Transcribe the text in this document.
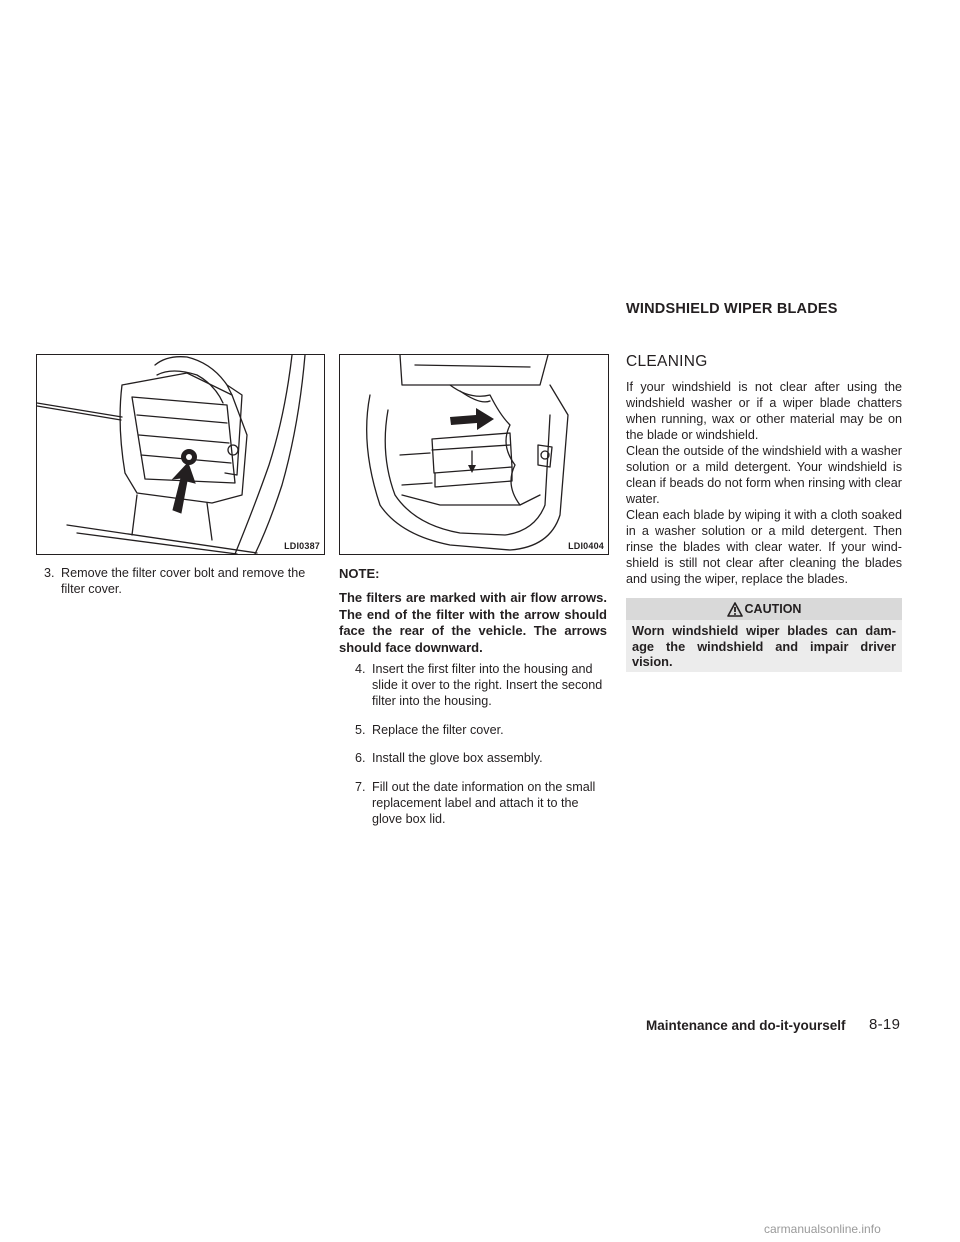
WINDSHIELD WIPER BLADES
LDI0387	LDI0404
3. Remove the filter cover bolt and remove the filter cover.
NOTE:
The filters are marked with air flow arrows. The end of the filter with the arrow should face the rear of the vehicle. The arrows should face downward.
4. Insert the first filter into the housing and slide it over to the right. Insert the second filter into the housing.
5. Replace the filter cover.
6. Install the glove box assembly.
7. Fill out the date information on the small replacement label and attach it to the glove box lid.
CLEANING
If your windshield is not clear after using the windshield washer or if a wiper blade chatters when running, wax or other material may be on the blade or windshield.
Clean the outside of the windshield with a washer solution or a mild detergent. Your windshield is clean if beads do not form when rinsing with clear water.
Clean each blade by wiping it with a cloth soaked in a washer solution or a mild detergent. Then rinse the blades with clear water. If your wind-shield is still not clear after cleaning the blades and using the wiper, replace the blades.
CAUTION
Worn windshield wiper blades can dam-age the windshield and impair driver vision.
Maintenance and do-it-yourself 8-19
carmanualsonline.info
